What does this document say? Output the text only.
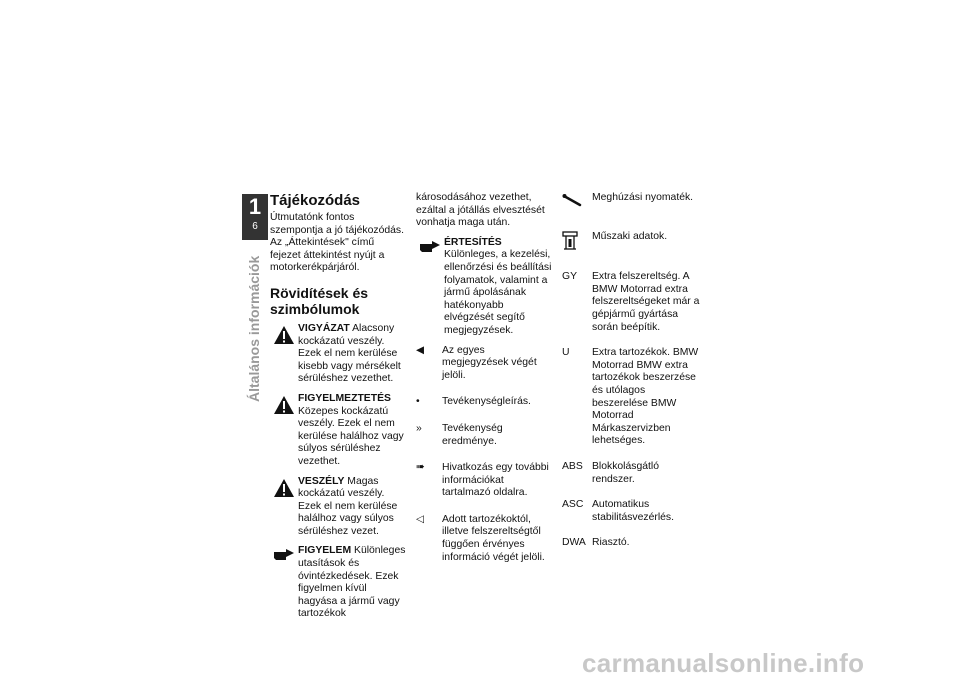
1
6
Általános információk
Tájékozódás

Útmutatónk fontos szempontja a jó tájékozódás. Az „Áttekintések" című fejezet áttekintést nyújt a motorkerékpárjáról.

Rövidítések és szimbólumok

VIGYÁZAT Alacsony kockázatú veszély. Ezek el nem kerülése kisebb vagy mérsékelt sérüléshez vezethet.

FIGYELMEZTETÉS Közepes kockázatú veszély. Ezek el nem kerülése halálhoz vagy súlyos sérüléshez vezethet.

VESZÉLY Magas kockázatú veszély. Ezek el nem kerülése halálhoz vagy súlyos sérüléshez vezet.

FIGYELEM Különleges utasítások és óvintézkedések. Ezek figyelmen kívül hagyása a jármű vagy tartozékok

károsodásához vezethet, ezáltal a jótállás elvesztését vonhatja maga után.

ÉRTESÍTÉS Különleges, a kezelési, ellenőrzési és beállítási folyamatok, valamint a jármű ápolásának hatékonyabb elvégzését segítő megjegyzések.

◀	Az egyes megjegyzések végét jelöli.
•	Tevékenységleírás.
»	Tevékenység eredménye.
➠	Hivatkozás egy további információkat tartalmazó oldalra.
◁	Adott tartozékoktól, illetve felszereltségtől függően érvényes információ végét jelöli.
Meghúzási nyomaték.
Műszaki adatok.
GY	Extra felszereltség. A BMW Motorrad extra felszereltségeket már a gépjármű gyártása során beépítik.
U	Extra tartozékok. BMW Motorrad BMW extra tartozékok beszerzése és utólagos beszerelése BMW Motorrad Márkaszervizben lehetséges.
ABS Blokkolásgátló rendszer.
ASC Automatikus stabilitásvezérlés.
DWA Riasztó.
carmanualsonline.info
